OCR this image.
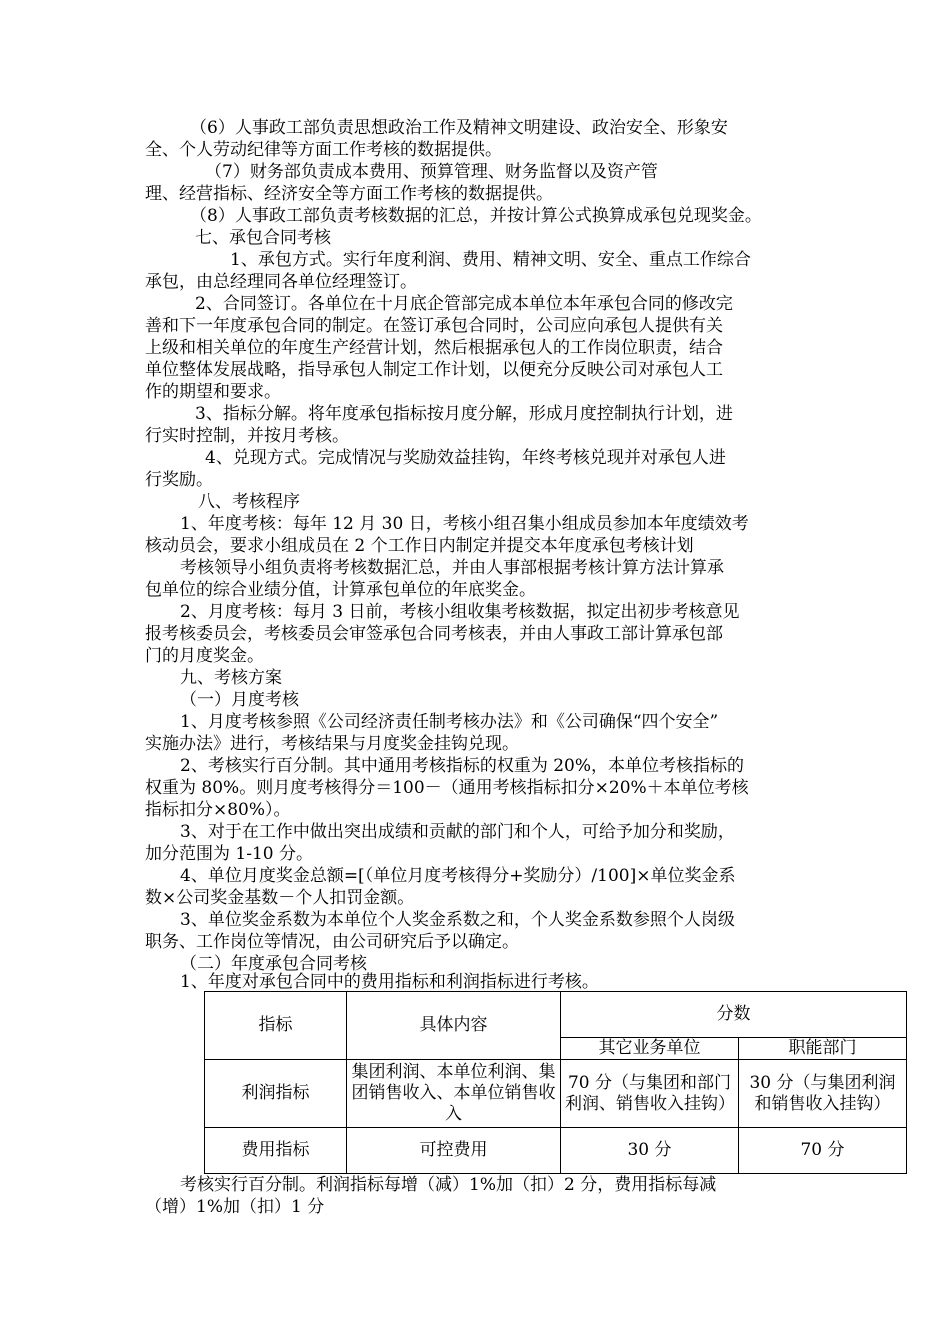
（6）人事政工部负责思想政治工作及精神文明建设、政治安全、形象安
全、个人劳动纪律等方面工作考核的数据提供。
（7）财务部负责成本费用、预算管理、财务监督以及资产管
理、经营指标、经济安全等方面工作考核的数据提供。
（8）人事政工部负责考核数据的汇总，并按计算公式换算成承包兑现奖金。
七、承包合同考核
1、承包方式。实行年度利润、费用、精神文明、安全、重点工作综合
承包，由总经理同各单位经理签订。
2、合同签订。各单位在十月底企管部完成本单位本年承包合同的修改完
善和下一年度承包合同的制定。在签订承包合同时，公司应向承包人提供有关
上级和相关单位的年度生产经营计划，然后根据承包人的工作岗位职责，结合
单位整体发展战略，指导承包人制定工作计划，以便充分反映公司对承包人工
作的期望和要求。
3、指标分解。将年度承包指标按月度分解，形成月度控制执行计划，进
行实时控制，并按月考核。
4、兑现方式。完成情况与奖励效益挂钩，年终考核兑现并对承包人进
行奖励。
八、考核程序
1、年度考核：每年 12 月 30 日，考核小组召集小组成员参加本年度绩效考
核动员会，要求小组成员在 2 个工作日内制定并提交本年度承包考核计划
考核领导小组负责将考核数据汇总，并由人事部根据考核计算方法计算承
包单位的综合业绩分值，计算承包单位的年底奖金。
2、月度考核：每月 3 日前，考核小组收集考核数据，拟定出初步考核意见
报考核委员会，考核委员会审签承包合同考核表，并由人事政工部计算承包部
门的月度奖金。
九、考核方案
（一）月度考核
1、月度考核参照《公司经济责任制考核办法》和《公司确保“四个安全”
实施办法》进行，考核结果与月度奖金挂钩兑现。
2、考核实行百分制。其中通用考核指标的权重为 20%，本单位考核指标的
权重为 80%。则月度考核得分＝100－（通用考核指标扣分×20%＋本单位考核
指标扣分×80%）。
3、对于在工作中做出突出成绩和贡献的部门和个人，可给予加分和奖励，
加分范围为 1-10 分。
4、单位月度奖金总额=[（单位月度考核得分+奖励分）/100]×单位奖金系
数×公司奖金基数－个人扣罚金额。
3、单位奖金系数为本单位个人奖金系数之和，个人奖金系数参照个人岗级
职务、工作岗位等情况，由公司研究后予以确定。
（二）年度承包合同考核
1、年度对承包合同中的费用指标和利润指标进行考核。
指标	具体内容	分数	
		其它业务单位	职能部门
利润指标	集团利润、本单位利润、集团销售收入、本单位销售收入	70 分（与集团和部门利润、销售收入挂钩）	30 分（与集团利润和销售收入挂钩）
费用指标	可控费用	30 分	70 分
考核实行百分制。利润指标每增（减）1%加（扣）2 分，费用指标每减
（增）1%加（扣）1 分
